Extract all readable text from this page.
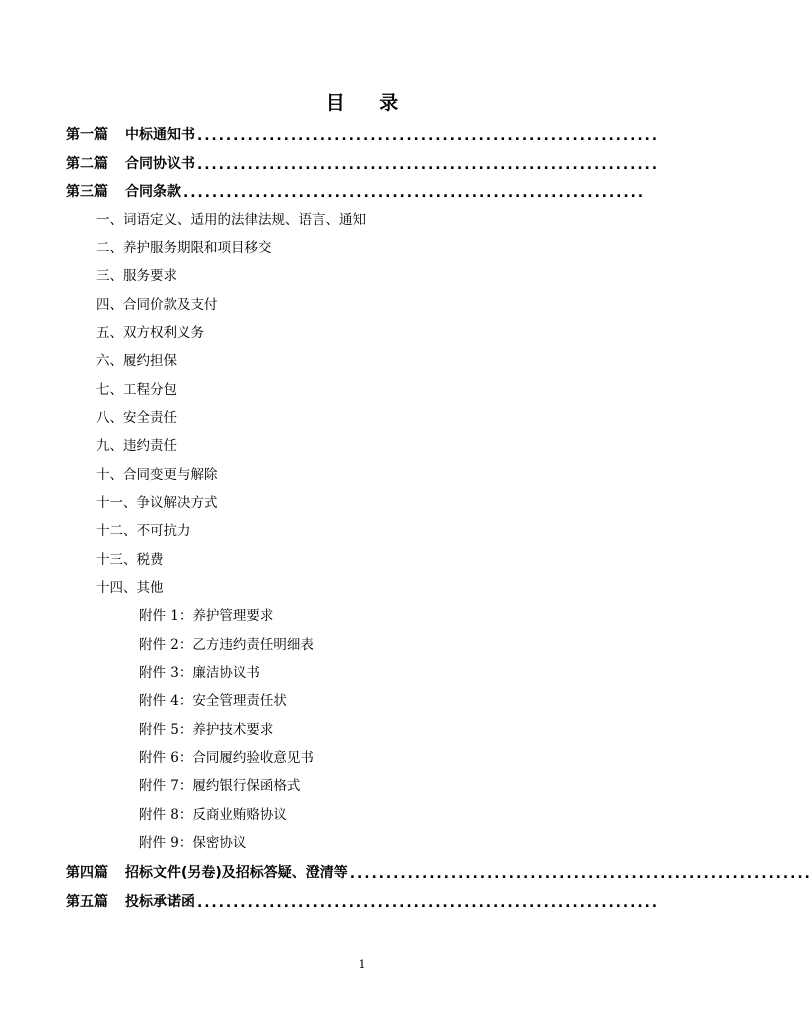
目 录
第一篇	中标通知书 ................................................................
第二篇	合同协议书 ................................................................
第三篇	合同条款 ................................................................
一、词语定义、适用的法律法规、语言、通知
二、养护服务期限和项目移交
三、服务要求
四、合同价款及支付
五、双方权利义务
六、履约担保
七、工程分包
八、安全责任
九、违约责任
十、合同变更与解除
十一、争议解决方式
十二、不可抗力
十三、税费
十四、其他
附件 1：养护管理要求
附件 2：乙方违约责任明细表
附件 3：廉洁协议书
附件 4：安全管理责任状
附件 5：养护技术要求
附件 6：合同履约验收意见书
附件 7：履约银行保函格式
附件 8：反商业贿赂协议
附件 9：保密协议
第四篇	招标文件(另卷)及招标答疑、澄清等 ................................................................
第五篇	投标承诺函 ................................................................
1
